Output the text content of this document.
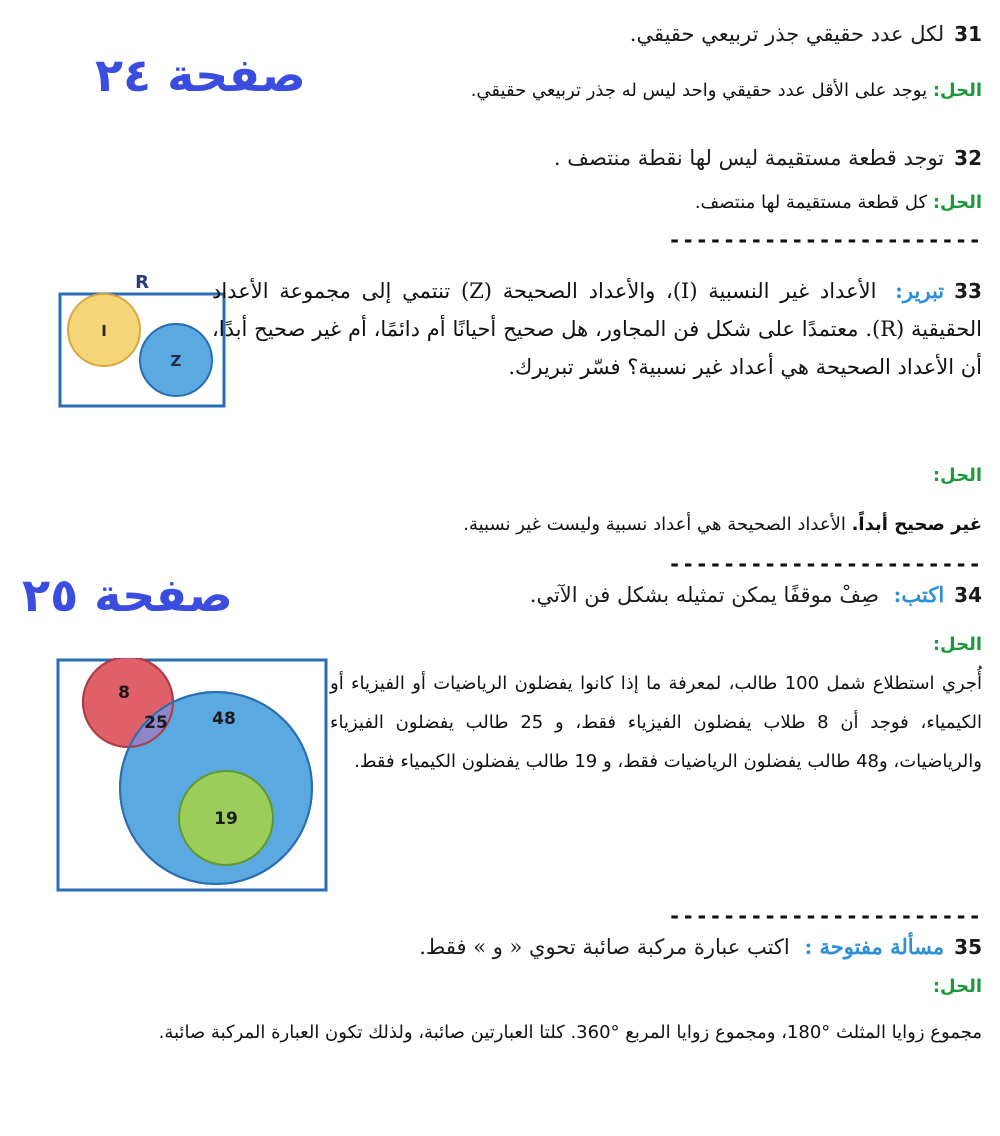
صفحة ٢٤
صفحة ٢٥
31لكل عدد حقيقي جذر تربيعي حقيقي.
الحل: يوجد على الأقل عدد حقيقي واحد ليس له جذر تربيعي حقيقي.
32توجد قطعة مستقيمة ليس لها نقطة منتصف .
الحل: كل قطعة مستقيمة لها منتصف.
-----------------------
R
I
Z
33تبرير: الأعداد غير النسبية (I)، والأعداد الصحيحة (Z) تنتمي إلى مجموعة الأعداد الحقيقية (R). معتمدًا على شكل فن المجاور، هل صحيح أحيانًا أم دائمًا، أم غير صحيح أبدًا، أن الأعداد الصحيحة هي أعداد غير نسبية؟ فسّر تبريرك.
الحل:
غير صحيح أبداً. الأعداد الصحيحة هي أعداد نسبية وليست غير نسبية.
-----------------------
34اكتب: صِفْ موقفًا يمكن تمثيله بشكل فن الآتي.
الحل:
أُجري استطلاع شمل 100 طالب، لمعرفة ما إذا كانوا يفضلون الرياضيات أو الفيزياء أو الكيمياء، فوجد أن 8 طلاب يفضلون الفيزياء فقط، و 25 طالب يفضلون الفيزياء والرياضيات، و48 طالب يفضلون الرياضيات فقط، و 19 طالب يفضلون الكيمياء فقط.
8
25	48
19
-----------------------
35مسألة مفتوحة : اكتب عبارة مركبة صائبة تحوي « و » فقط.
الحل:
مجموع زوايا المثلث °180، ومجموع زوايا المربع °360. كلتا العبارتين صائبة، ولذلك تكون العبارة المركبة صائبة.
